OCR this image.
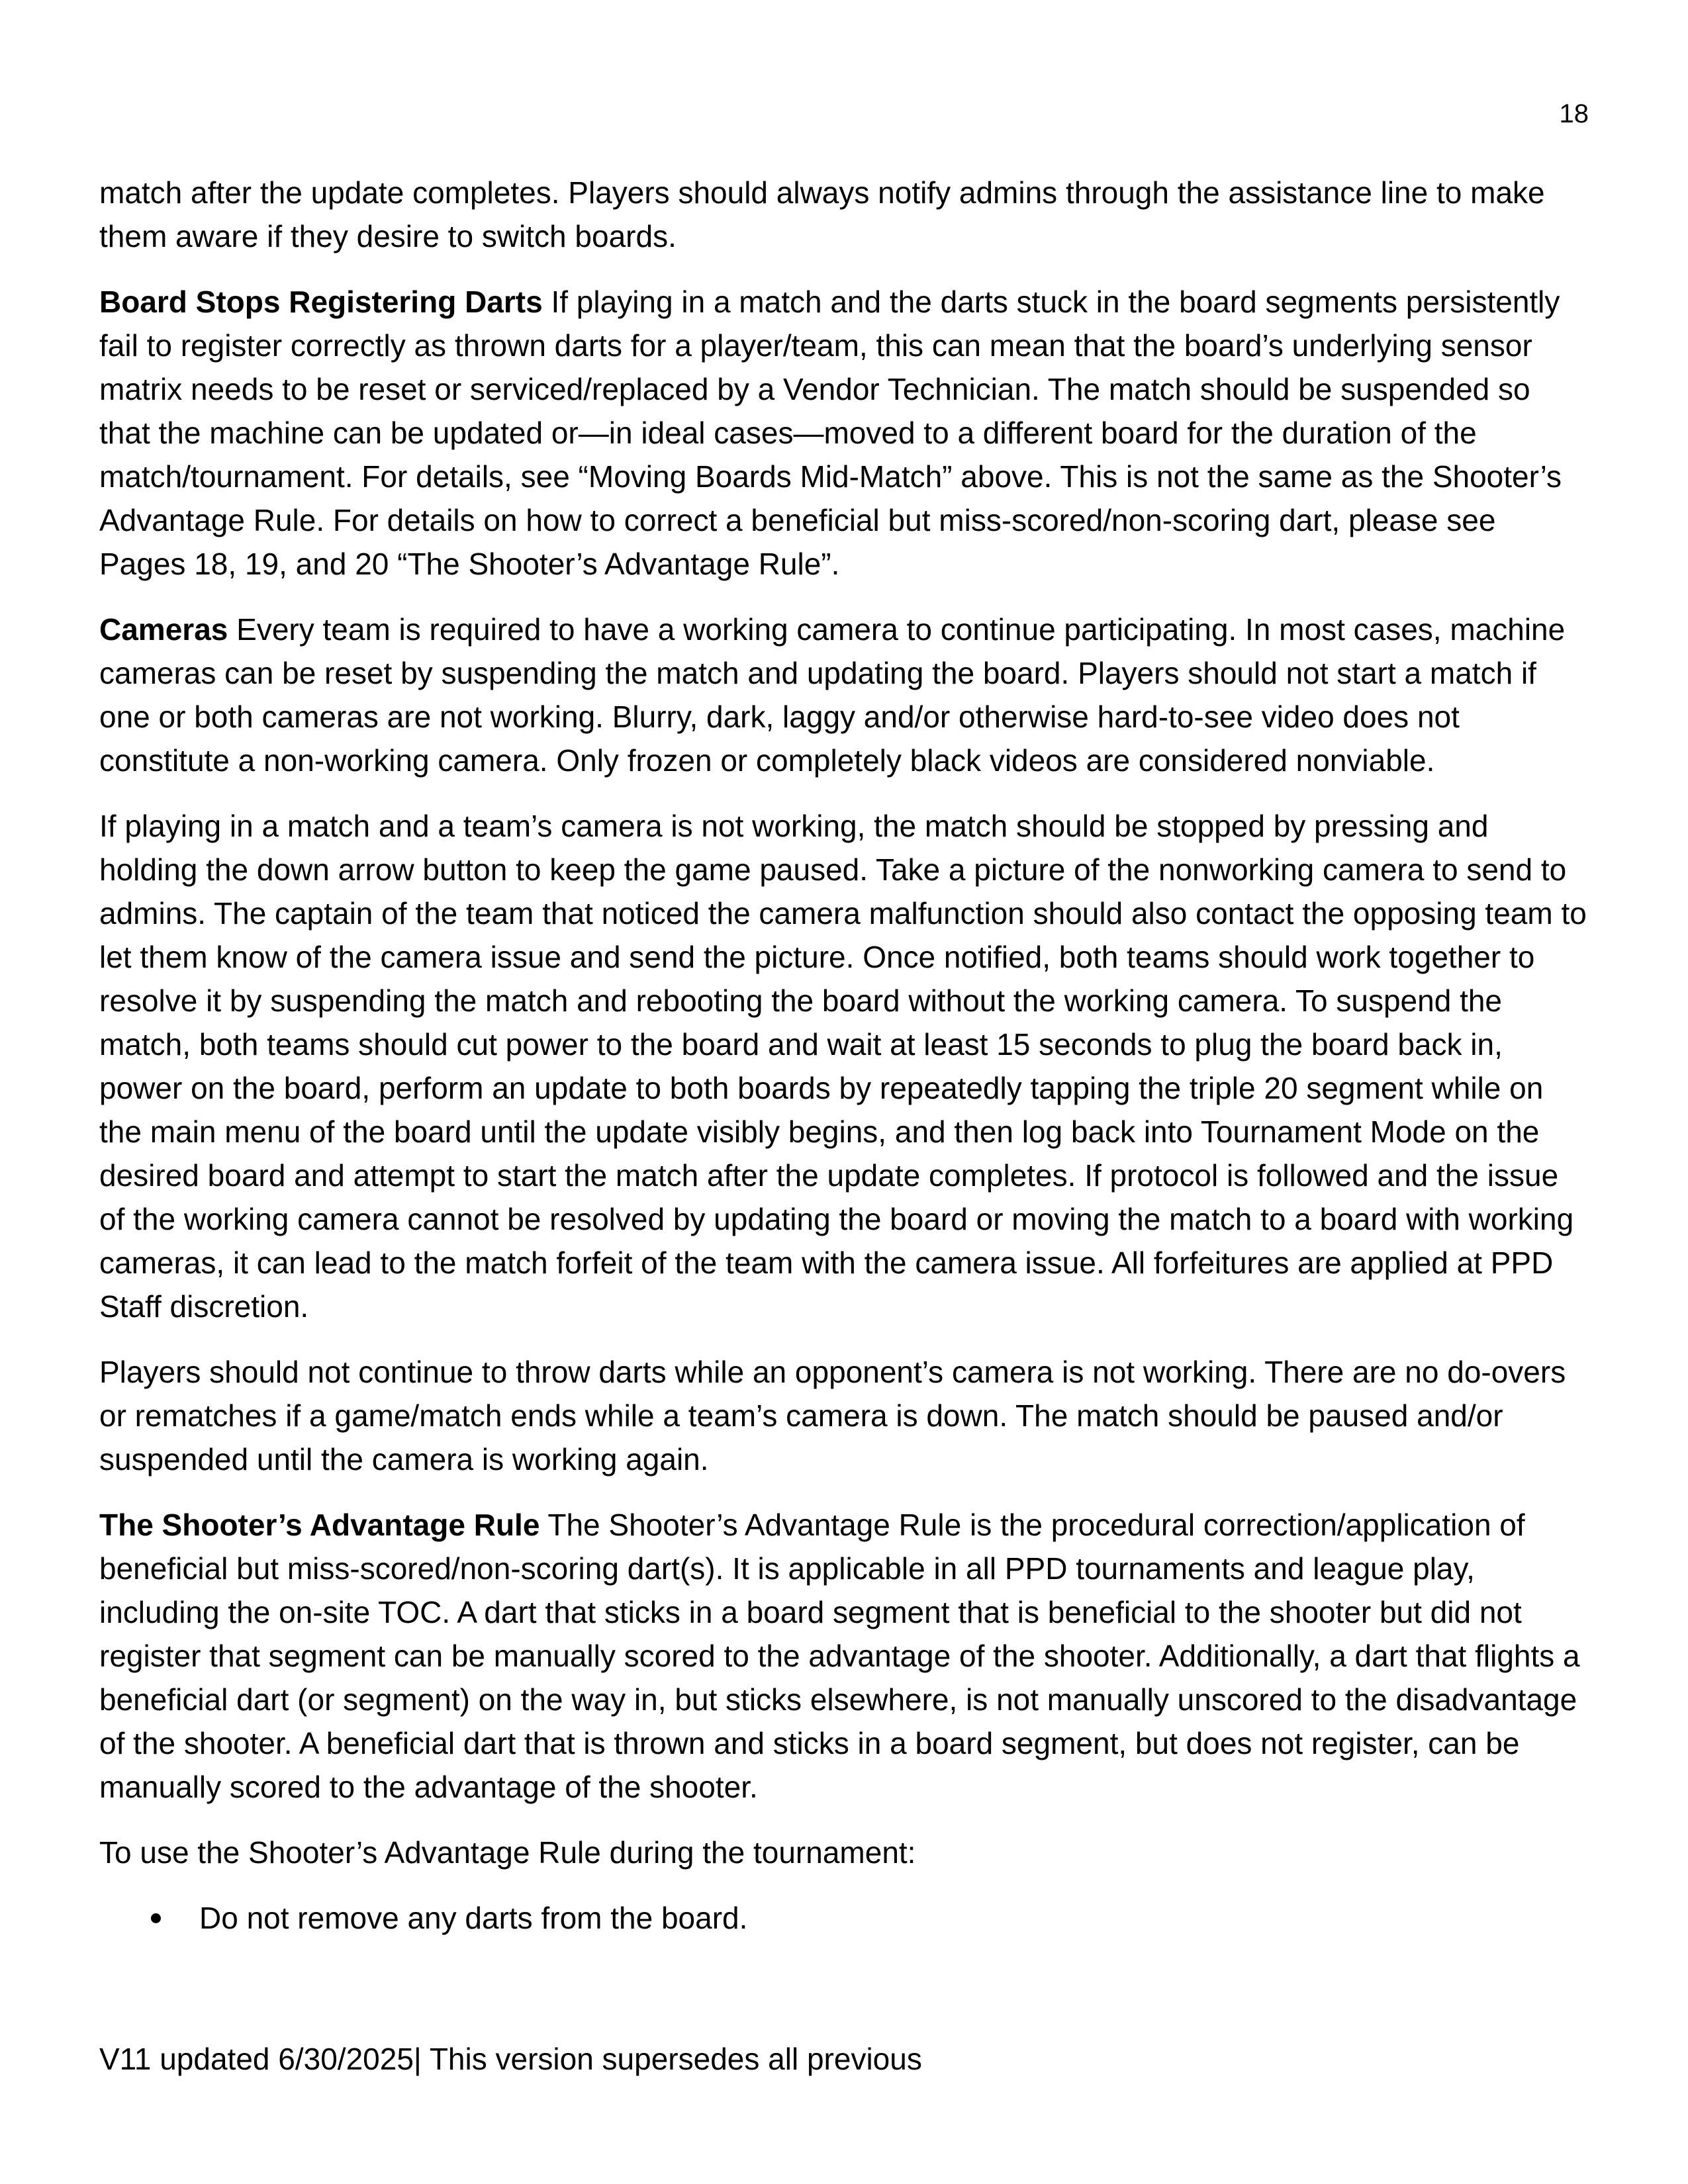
18

match after the update completes. Players should always notify admins through the assistance line to make them aware if they desire to switch boards.

Board Stops Registering Darts If playing in a match and the darts stuck in the board segments persistently fail to register correctly as thrown darts for a player/team, this can mean that the board’s underlying sensor matrix needs to be reset or serviced/replaced by a Vendor Technician. The match should be suspended so that the machine can be updated or—in ideal cases—moved to a different board for the duration of the match/tournament. For details, see “Moving Boards Mid-Match” above. This is not the same as the Shooter’s Advantage Rule. For details on how to correct a beneficial but miss-scored/non-scoring dart, please see Pages 18, 19, and 20 “The Shooter’s Advantage Rule”.

Cameras Every team is required to have a working camera to continue participating. In most cases, machine cameras can be reset by suspending the match and updating the board. Players should not start a match if one or both cameras are not working. Blurry, dark, laggy and/or otherwise hard-to-see video does not constitute a non-working camera. Only frozen or completely black videos are considered nonviable.

If playing in a match and a team’s camera is not working, the match should be stopped by pressing and holding the down arrow button to keep the game paused. Take a picture of the nonworking camera to send to admins. The captain of the team that noticed the camera malfunction should also contact the opposing team to let them know of the camera issue and send the picture. Once notified, both teams should work together to resolve it by suspending the match and rebooting the board without the working camera. To suspend the match, both teams should cut power to the board and wait at least 15 seconds to plug the board back in, power on the board, perform an update to both boards by repeatedly tapping the triple 20 segment while on the main menu of the board until the update visibly begins, and then log back into Tournament Mode on the desired board and attempt to start the match after the update completes. If protocol is followed and the issue of the working camera cannot be resolved by updating the board or moving the match to a board with working cameras, it can lead to the match forfeit of the team with the camera issue. All forfeitures are applied at PPD Staff discretion.

Players should not continue to throw darts while an opponent’s camera is not working. There are no do-overs or rematches if a game/match ends while a team’s camera is down. The match should be paused and/or suspended until the camera is working again.

The Shooter’s Advantage Rule The Shooter’s Advantage Rule is the procedural correction/application of beneficial but miss-scored/non-scoring dart(s). It is applicable in all PPD tournaments and league play, including the on-site TOC. A dart that sticks in a board segment that is beneficial to the shooter but did not register that segment can be manually scored to the advantage of the shooter. Additionally, a dart that flights a beneficial dart (or segment) on the way in, but sticks elsewhere, is not manually unscored to the disadvantage of the shooter. A beneficial dart that is thrown and sticks in a board segment, but does not register, can be manually scored to the advantage of the shooter.

To use the Shooter’s Advantage Rule during the tournament:

Do not remove any darts from the board.
V11 updated 6/30/2025| This version supersedes all previous
